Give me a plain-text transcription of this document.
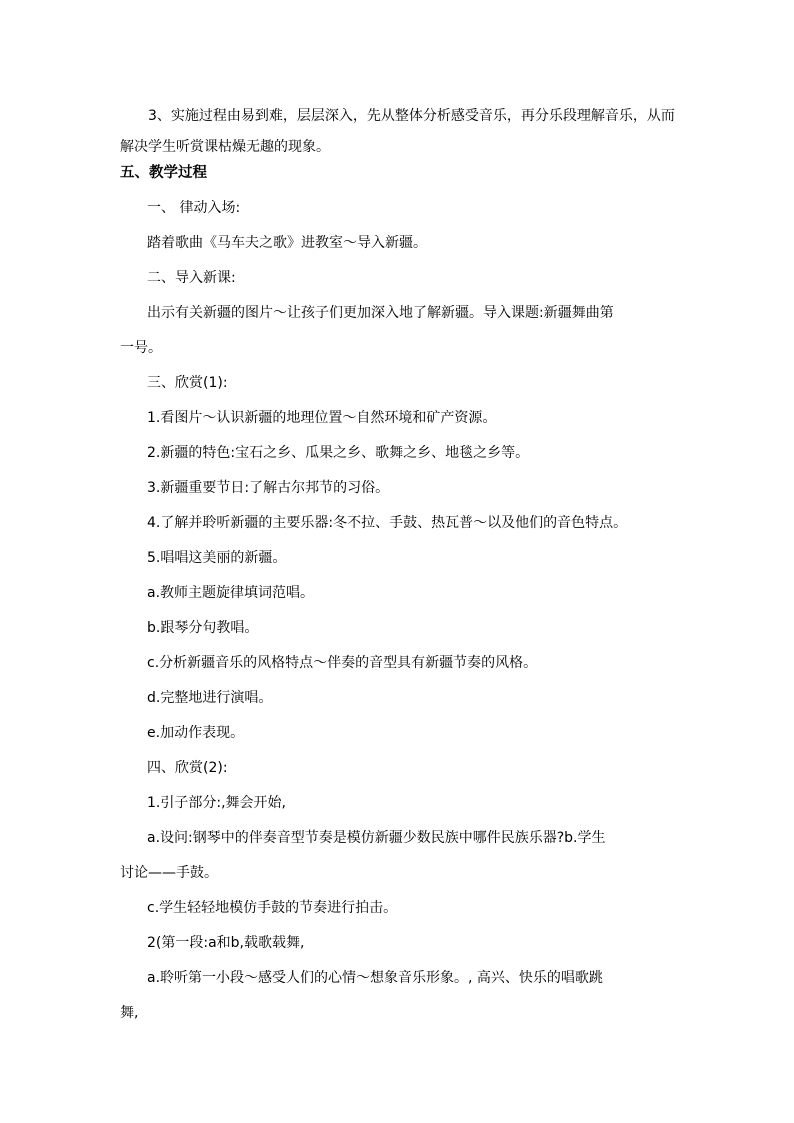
3、实施过程由易到难，层层深入，先从整体分析感受音乐，再分乐段理解音乐，从而
解决学生听赏课枯燥无趣的现象。
五、教学过程
一、 律动入场:
踏着歌曲《马车夫之歌》进教室～导入新疆。
二、导入新课:
出示有关新疆的图片～让孩子们更加深入地了解新疆。导入课题:新疆舞曲第
一号。
三、欣赏(1):
1.看图片～认识新疆的地理位置～自然环境和矿产资源。
2.新疆的特色:宝石之乡、瓜果之乡、歌舞之乡、地毯之乡等。
3.新疆重要节日:了解古尔邦节的习俗。
4.了解并聆听新疆的主要乐器:冬不拉、手鼓、热瓦普～以及他们的音色特点。
5.唱唱这美丽的新疆。
a.教师主题旋律填词范唱。
b.跟琴分句教唱。
c.分析新疆音乐的风格特点～伴奏的音型具有新疆节奏的风格。
d.完整地进行演唱。
e.加动作表现。
四、欣赏(2):
1.引子部分:,舞会开始,
a.设问:钢琴中的伴奏音型节奏是模仿新疆少数民族中哪件民族乐器?b.学生
讨论——手鼓。
c.学生轻轻地模仿手鼓的节奏进行拍击。
2(第一段:a和b,载歌载舞,
a.聆听第一小段～感受人们的心情～想象音乐形象。, 高兴、快乐的唱歌跳
舞,
